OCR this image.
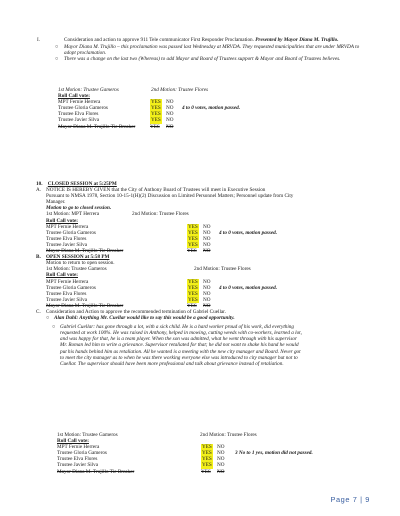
I.	Consideration and action to approve 911 Tele communicator First Responder Proclamation. Presented by Mayor Diana M. Trujillo.
○ Mayor Diana M. Trujillo – this proclamation was passed last Wednesday at MRVDA. They requested municipalities that are under MRVDA to adopt proclamation.
○ There was a change on the last two (Whereas) to add Mayor and Board of Trustees support & Mayor and Board of Trustees believes.
1st Motion: Trustee Gameros	2nd Motion: Trustee Flores
Roll Call vote:
MPT Fernie Herrera	YES NO
Trustee Gloria Gameros	YES NO 4 to 0 votes, motion passed.
Trustee Elva Flores	YES NO
Trustee Javier Silva	YES NO
Mayor Diana M. Trujillo Tie Breaker	YES NO
10. CLOSED SESSION at 5:25PM
A. NOTICE IS HEREBY GIVEN that the City of Anthony Board of Trustees will meet in Executive Session
Pursuant to NMSA 1978, Section 10-15-1(H)(2) Discussion on Limited Personnel Matters; Personnel update from City
Manager.
Motion to go to closed session.
1st Motion: MPT Herrera	2nd Motion: Trustee Flores
Roll Call vote:
MPT Fernie Herrera	YES NO
Trustee Gloria Gameros	YES NO 4 to 0 votes, motion passed.
Trustee Elva Flores	YES NO
Trustee Javier Silva	YES NO
Mayor Diana M. Trujillo Tie Breaker	YES NO
B. OPEN SESSION at 5:58 PM
Motion to return to open session.
1st Motion: Trustee Gameros	2nd Motion: Trustee Flores
Roll Call vote:
MPT Fernie Herrera	YES NO
Trustee Gloria Gameros	YES NO 4 to 0 votes, motion passed.
Trustee Elva Flores	YES NO
Trustee Javier Silva	YES NO
Mayor Diana M. Trujillo Tie Breaker	YES NO
C. Consideration and Action to approve the recommended termination of Gabriel Cuellar.
○ Alan Dahl: Anything Mr. Cuellar would like to say this would be a good opportunity.
○ Gabriel Cuellar: has gone through a lot, with a sick child. He is a hard worker proud of his work, did everything
requested at work 100%. He was raised in Anthony, helped in mowing, cutting weeds with co-workers, learned a lot,
and was happy for that, he is a team player. When the son was admitted, what he went through with his supervisor
Mr. Roman led him to write a grievance. Supervisor retaliated for that; he did not want to shake his hand he would
put his hands behind him as retaliation. All he wanted is a meeting with the new city manager and Board. Never got
to meet the city manager as to when he was there working everyone else was introduced to city manager but not to
Cuellar. The supervisor should have been more professional and talk about grievance instead of retaliation.
1st Motion: Trustee Gameros	2nd Motion: Trustee Flores
Roll Call vote:
MPT Fernie Herrera	YES NO
Trustee Gloria Gameros	YES NO 3 No to 1 yes, motion did not passed.
Trustee Elva Flores	YES NO
Trustee Javier Silva	YES NO
Mayor Diana M. Trujillo Tie Breaker	YES NO
Page 7 | 9
